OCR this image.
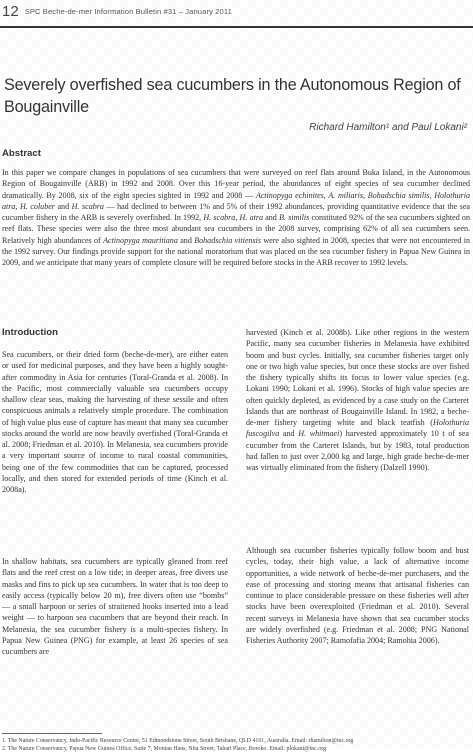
12 SPC Beche-de-mer Information Bulletin #31 – January 2011
Severely overfished sea cucumbers in the Autonomous Region of Bougainville
Richard Hamilton¹ and Paul Lokani²
Abstract
In this paper we compare changes in populations of sea cucumbers that were surveyed on reef flats around Buka Island, in the Autonomous Region of Bougainville (ARB) in 1992 and 2008. Over this 16-year period, the abundances of eight species of sea cucumber declined dramatically. By 2008, six of the eight species sighted in 1992 and 2008 — Actinopyga echinites, A. miliaris, Bohadschia similis, Holothuria atra, H. coluber and H. scabra — had declined to between 1% and 5% of their 1992 abundances, providing quantitative evidence that the sea cucumber fishery in the ARB is severely overfished. In 1992, H. scabra, H. atra and B. similis constituted 92% of the sea cucumbers sighted on reef flats. These species were also the three most abundant sea cucumbers in the 2008 survey, comprising 62% of all sea cucumbers seen. Relatively high abundances of Actinopyga mauritiana and Bohadschia vitiensis were also sighted in 2008, species that were not encountered in the 1992 survey. Our findings provide support for the national moratorium that was placed on the sea cucumber fishery in Papua New Guinea in 2009, and we anticipate that many years of complete closure will be required before stocks in the ARB recover to 1992 levels.
Introduction

Sea cucumbers, or their dried form (beche-de-mer), are either eaten or used for medicinal purposes, and they have been a highly sought-after commodity in Asia for centuries (Toral-Granda et al. 2008). In the Pacific, most commercially valuable sea cucumbers occupy shallow clear seas, making the harvesting of these sessile and often conspicuous animals a relatively simple procedure. The combination of high value plus ease of capture has meant that many sea cucumber stocks around the world are now heavily overfished (Toral-Granda et al. 2008; Friedman et al. 2010). In Melanesia, sea cucumbers provide a very important source of income to rural coastal communities, being one of the few commodities that can be captured, processed locally, and then stored for extended periods of time (Kinch et al. 2008a).

In shallow habitats, sea cucumbers are typically gleaned from reef flats and the reef crest on a low tide; in deeper areas, free divers use masks and fins to pick up sea cucumbers. In water that is too deep to easily access (typically below 20 m), free divers often use “bombs” — a small harpoon or series of straitened hooks inserted into a lead weight — to harpoon sea cucumbers that are beyond their reach. In Melanesia, the sea cucumber fishery is a multi-species fishery. In Papua New Guinea (PNG) for example, at least 26 species of sea cucumbers are

harvested (Kinch et al. 2008b). Like other regions in the western Pacific, many sea cucumber fisheries in Melanesia have exhibited boom and bust cycles. Initially, sea cucumber fisheries target only one or two high value species, but once these stocks are over fished the fishery typically shifts its focus to lower value species (e.g. Lokani 1990; Lokani et al. 1996). Stocks of high value species are often quickly depleted, as evidenced by a case study on the Carteret Islands that are northeast of Bougainville Island. In 1982, a beche-de-mer fishery targeting white and black teatfish (Holothuria fuscogilva and H. whitmaei) harvested approximately 10 t of sea cucumber from the Carteret Islands, but by 1983, total production had fallen to just over 2,000 kg and large, high grade beche-de-mer was virtually eliminated from the fishery (Dalzell 1990).

Although sea cucumber fisheries typically follow boom and bust cycles, today, their high value, a lack of alternative income opportunities, a wide network of beche-de-mer purchasers, and the ease of processing and storing means that artisanal fisheries can continue to place considerable pressure on these fisheries well after stocks have been overexploited (Friedman et al. 2010). Several recent surveys in Melanesia have shown that sea cucumber stocks are widely overfished (e.g. Friedman et al. 2008; PNG National Fisheries Authority 2007; Ramofafia 2004; Ramohia 2006).

1. The Nature Conservancy, Indo-Pacific Resource Centre, 51 Edmondstone Street, South Brisbane, QLD 4101, Australia. Email: rhamilton@tnc.org
2. The Nature Conservancy, Papua New Guinea Office, Suite 7, Monian Haus, Nita Street, Tabari Place, Boroko. Email: plokani@tnc.org
